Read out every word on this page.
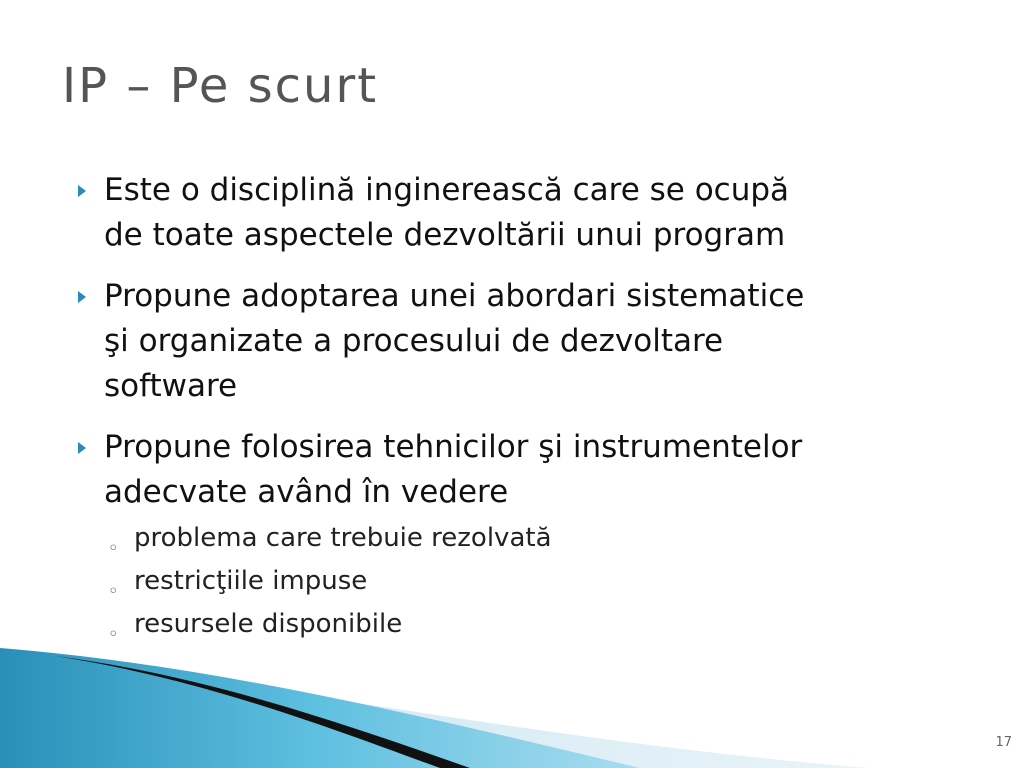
IP – Pe scurt
Este o disciplină inginerească care se ocupă
de toate aspectele dezvoltării unui program
Propune adoptarea unei abordari sistematice
şi organizate a procesului de dezvoltare
software
Propune folosirea tehnicilor şi instrumentelor
adecvate având în vedere
◦ problema care trebuie rezolvată
◦ restricţiile impuse
◦ resursele disponibile
17
